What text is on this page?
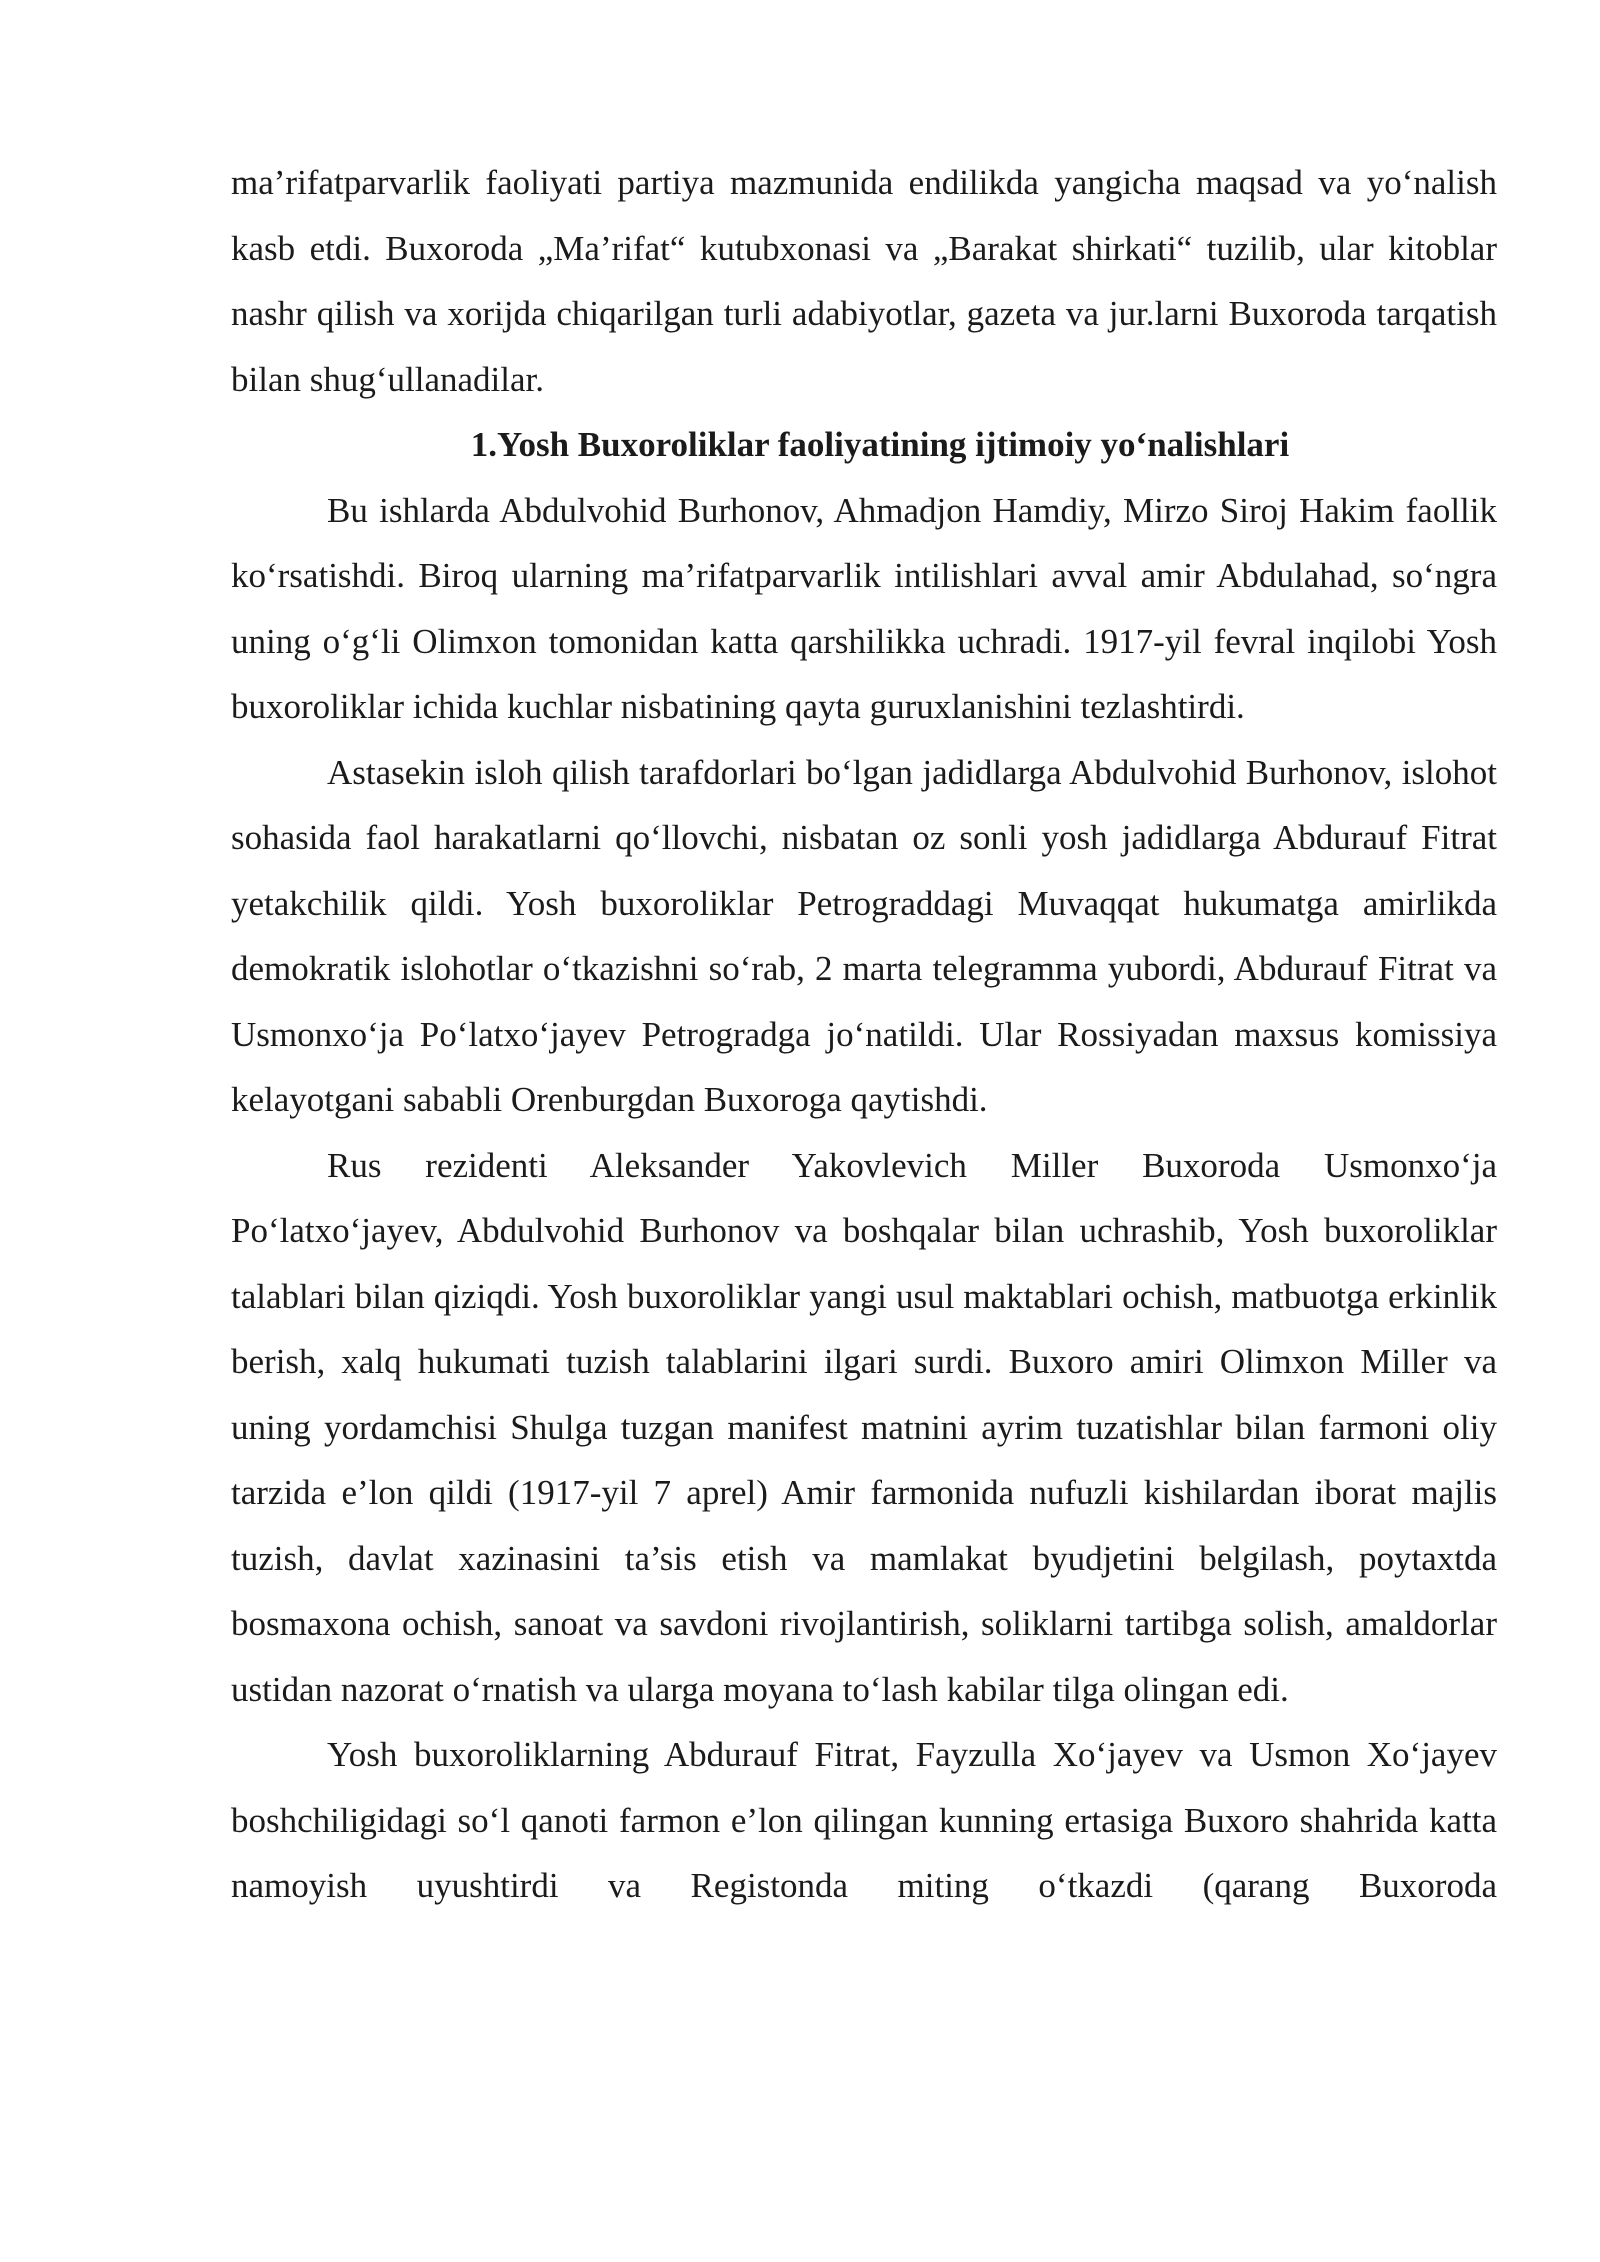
ma’rifatparvarlik faoliyati partiya mazmunida endilikda yangicha maqsad va yo‘nalish kasb etdi. Buxoroda „Ma’rifat“ kutubxonasi va „Barakat shirkati“ tuzilib, ular kitoblar nashr qilish va xorijda chiqarilgan turli adabiyotlar, gazeta va jur.larni Buxoroda tarqatish bilan shug‘ullanadilar.

1.Yosh Buxoroliklar faoliyatining ijtimoiy yo‘nalishlari

Bu ishlarda Abdulvohid Burhonov, Ahmadjon Hamdiy, Mirzo Siroj Hakim faollik ko‘rsatishdi. Biroq ularning ma’rifatparvarlik intilishlari avval amir Abdulahad, so‘ngra uning o‘g‘li Olimxon tomonidan katta qarshilikka uchradi. 1917-yil fevral inqilobi Yosh buxoroliklar ichida kuchlar nisbatining qayta guruxlanishini tezlashtirdi.

Astasekin isloh qilish tarafdorlari bo‘lgan jadidlarga Abdulvohid Burhonov, islohot sohasida faol harakatlarni qo‘llovchi, nisbatan oz sonli yosh jadidlarga Abdurauf Fitrat yetakchilik qildi. Yosh buxoroliklar Petrograddagi Muvaqqat hukumatga amirlikda demokratik islohotlar o‘tkazishni so‘rab, 2 marta telegramma yubordi, Abdurauf Fitrat va Usmonxo‘ja Po‘latxo‘jayev Petrogradga jo‘natildi. Ular Rossiyadan maxsus komissiya kelayotgani sababli Orenburgdan Buxoroga qaytishdi.

Rus rezidenti Aleksander Yakovlevich Miller Buxoroda Usmonxo‘ja Po‘latxo‘jayev, Abdulvohid Burhonov va boshqalar bilan uchrashib, Yosh buxoroliklar talablari bilan qiziqdi. Yosh buxoroliklar yangi usul maktablari ochish, matbuotga erkinlik berish, xalq hukumati tuzish talablarini ilgari surdi. Buxoro amiri Olimxon Miller va uning yordamchisi Shulga tuzgan manifest matnini ayrim tuzatishlar bilan farmoni oliy tarzida e’lon qildi (1917-yil 7 aprel) Amir farmonida nufuzli kishilardan iborat majlis tuzish, davlat xazinasini ta’sis etish va mamlakat byudjetini belgilash, poytaxtda bosmaxona ochish, sanoat va savdoni rivojlantirish, soliklarni tartibga solish, amaldorlar ustidan nazorat o‘rnatish va ularga moyana to‘lash kabilar tilga olingan edi.

Yosh buxoroliklarning Abdurauf Fitrat, Fayzulla Xo‘jayev va Usmon Xo‘jayev boshchiligidagi so‘l qanoti farmon e’lon qilingan kunning ertasiga Buxoro shahrida katta namoyish uyushtirdi va Registonda miting o‘tkazdi (qarang Buxoroda
